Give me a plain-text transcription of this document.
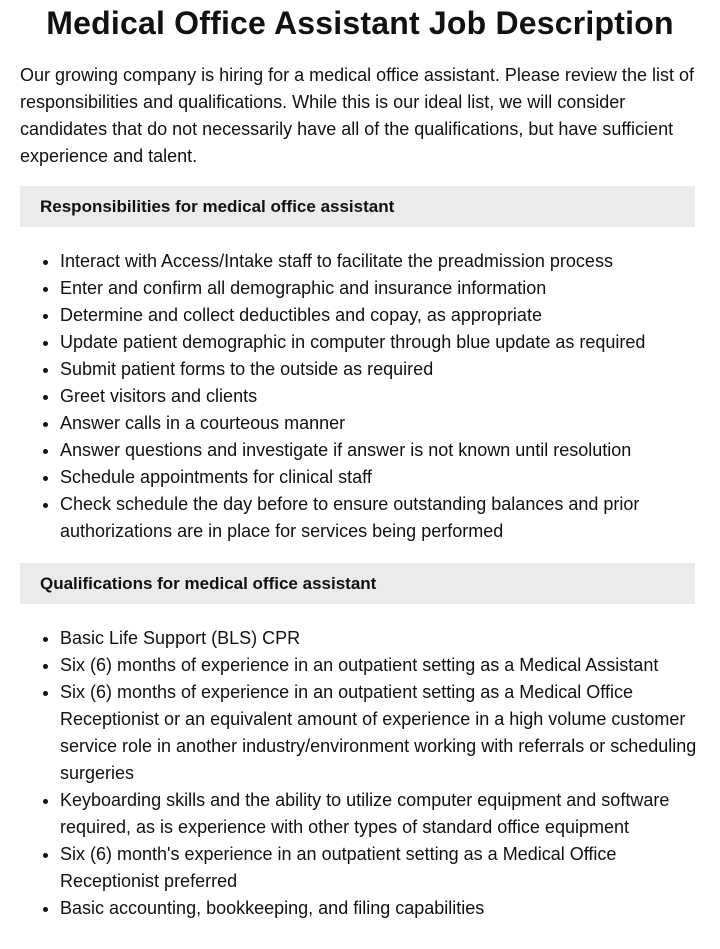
Medical Office Assistant Job Description

Our growing company is hiring for a medical office assistant. Please review the list of responsibilities and qualifications. While this is our ideal list, we will consider candidates that do not necessarily have all of the qualifications, but have sufficient experience and talent.

Responsibilities for medical office assistant
• Interact with Access/Intake staff to facilitate the preadmission process
• Enter and confirm all demographic and insurance information
• Determine and collect deductibles and copay, as appropriate
• Update patient demographic in computer through blue update as required
• Submit patient forms to the outside as required
• Greet visitors and clients
• Answer calls in a courteous manner
• Answer questions and investigate if answer is not known until resolution
• Schedule appointments for clinical staff
• Check schedule the day before to ensure outstanding balances and prior authorizations are in place for services being performed
Qualifications for medical office assistant
• Basic Life Support (BLS) CPR
• Six (6) months of experience in an outpatient setting as a Medical Assistant
• Six (6) months of experience in an outpatient setting as a Medical Office Receptionist or an equivalent amount of experience in a high volume customer service role in another industry/environment working with referrals or scheduling surgeries
• Keyboarding skills and the ability to utilize computer equipment and software required, as is experience with other types of standard office equipment
• Six (6) month's experience in an outpatient setting as a Medical Office Receptionist preferred
• Basic accounting, bookkeeping, and filing capabilities
